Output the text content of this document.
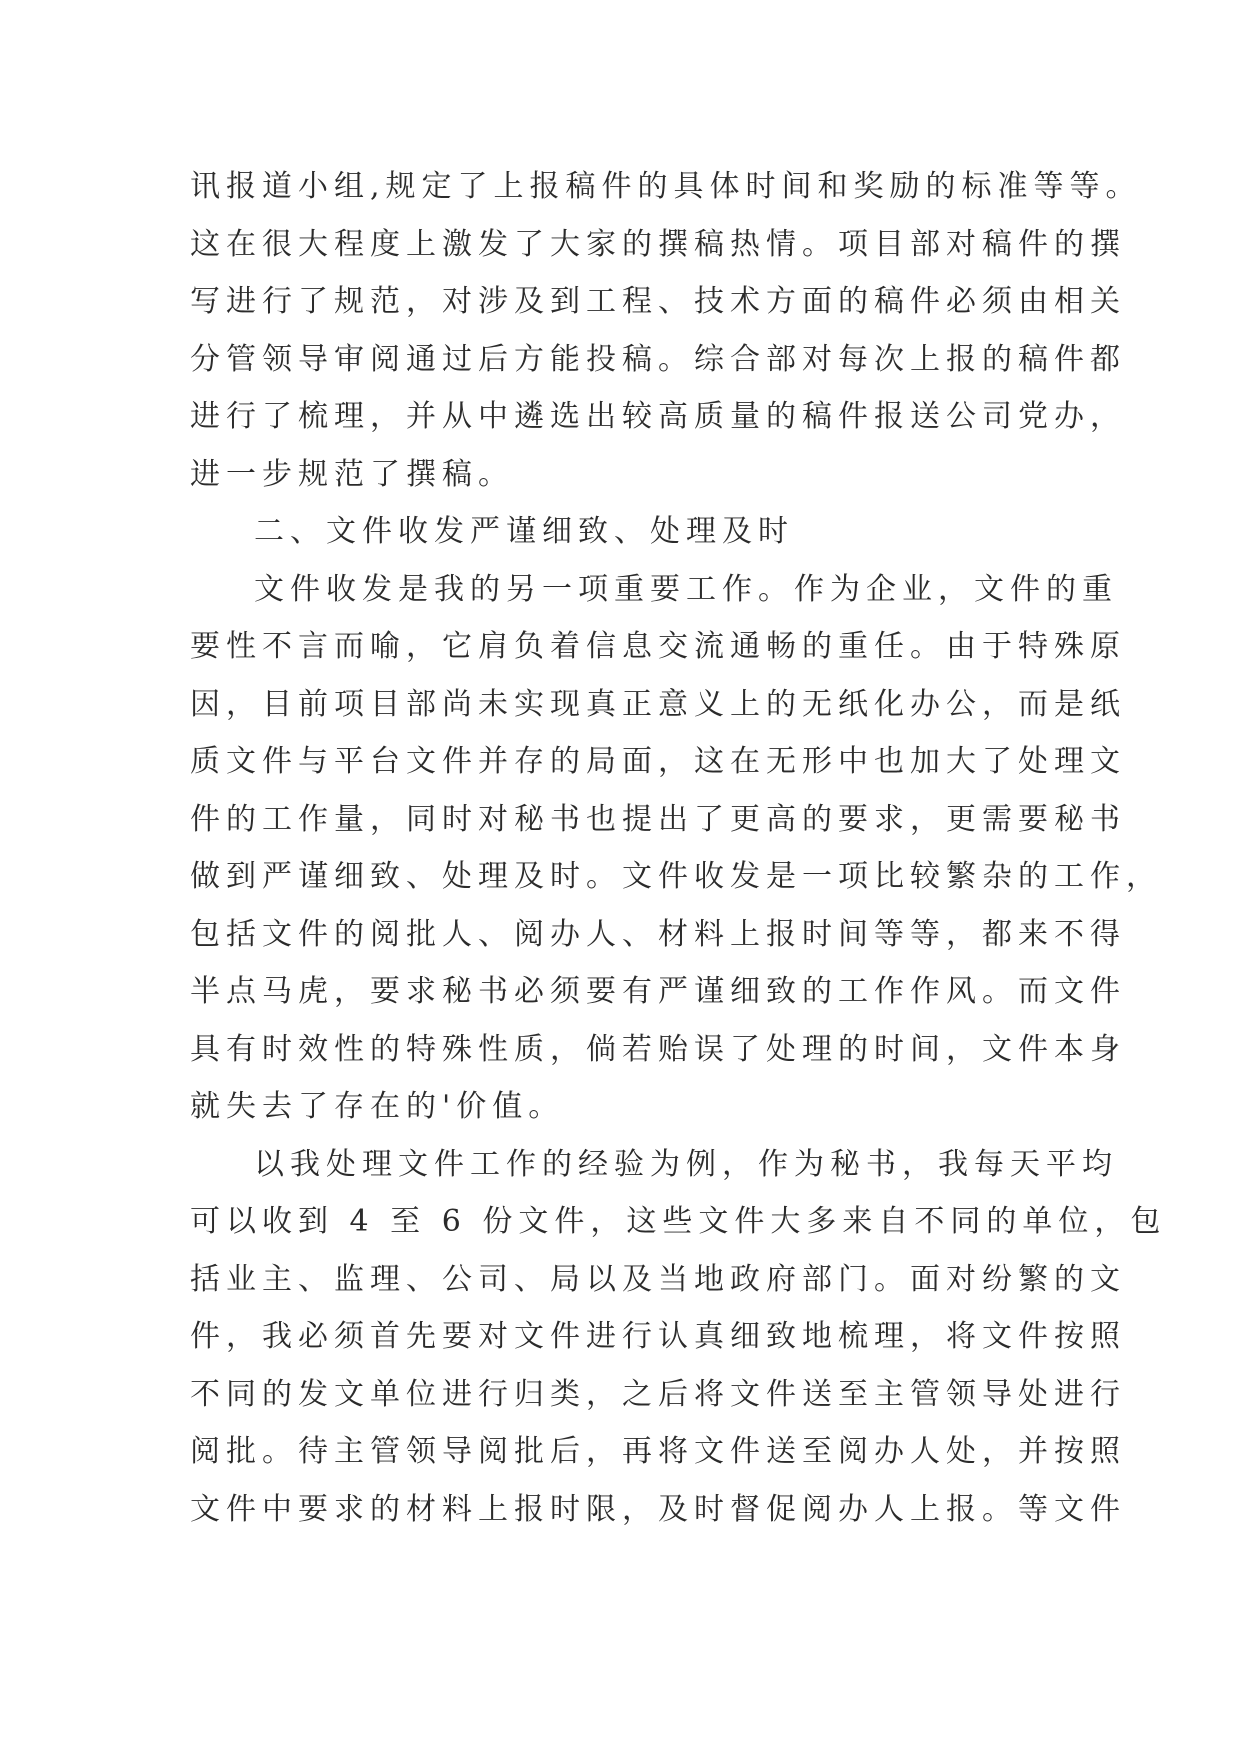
讯报道小组,规定了上报稿件的具体时间和奖励的标准等等。
这在很大程度上激发了大家的撰稿热情。项目部对稿件的撰
写进行了规范，对涉及到工程、技术方面的稿件必须由相关
分管领导审阅通过后方能投稿。综合部对每次上报的稿件都
进行了梳理，并从中遴选出较高质量的稿件报送公司党办，
进一步规范了撰稿。
二、文件收发严谨细致、处理及时
文件收发是我的另一项重要工作。作为企业，文件的重
要性不言而喻，它肩负着信息交流通畅的重任。由于特殊原
因，目前项目部尚未实现真正意义上的无纸化办公，而是纸
质文件与平台文件并存的局面，这在无形中也加大了处理文
件的工作量，同时对秘书也提出了更高的要求，更需要秘书
做到严谨细致、处理及时。文件收发是一项比较繁杂的工作，
包括文件的阅批人、阅办人、材料上报时间等等，都来不得
半点马虎，要求秘书必须要有严谨细致的工作作风。而文件
具有时效性的特殊性质，倘若贻误了处理的时间，文件本身
就失去了存在的'价值。
以我处理文件工作的经验为例，作为秘书，我每天平均
可以收到 4 至 6 份文件，这些文件大多来自不同的单位，包
括业主、监理、公司、局以及当地政府部门。面对纷繁的文
件，我必须首先要对文件进行认真细致地梳理，将文件按照
不同的发文单位进行归类，之后将文件送至主管领导处进行
阅批。待主管领导阅批后，再将文件送至阅办人处，并按照
文件中要求的材料上报时限，及时督促阅办人上报。等文件
